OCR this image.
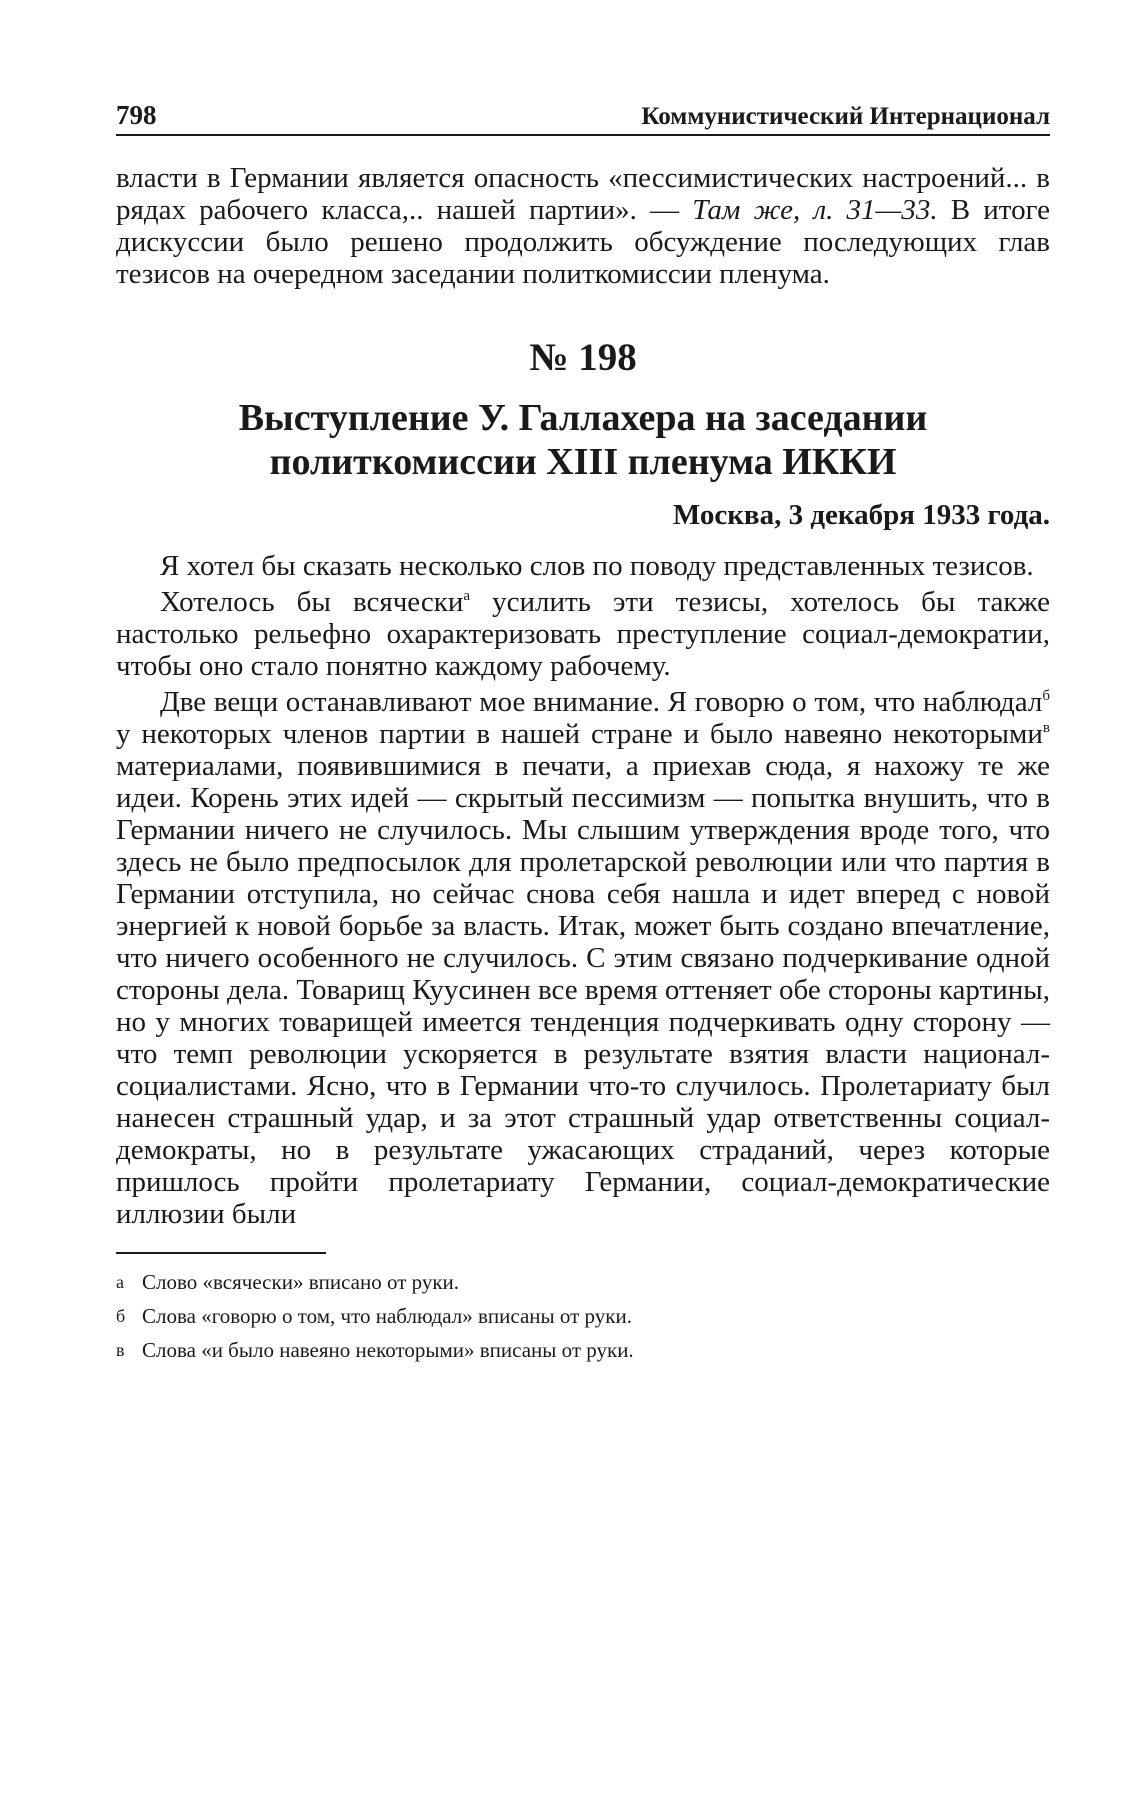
798	Коммунистический Интернационал

власти в Германии является опасность «пессимистических настроений... в рядах рабочего класса,.. нашей партии». — Там же, л. 31—33. В итоге дискуссии было решено продолжить обсуждение последующих глав тезисов на очередном заседании политкомиссии пленума.

№ 198
Выступление У. Галлахера на заседании
политкомиссии XIII пленума ИККИ
Москва, 3 декабря 1933 года.

Я хотел бы сказать несколько слов по поводу представленных тезисов.

Хотелось бы всячески$^а$ усилить эти тезисы, хотелось бы также настолько рельефно охарактеризовать преступление социал-демократии, чтобы оно стало понятно каждому рабочему.

Две вещи останавливают мое внимание. Я говорю о том, что наблюдал$^б$ у некоторых членов партии в нашей стране и было навеяно некоторыми$^в$ материалами, появившимися в печати, а приехав сюда, я нахожу те же идеи. Корень этих идей — скрытый пессимизм — попытка внушить, что в Германии ничего не случилось. Мы слышим утверждения вроде того, что здесь не было предпосылок для пролетарской революции или что партия в Германии отступила, но сейчас снова себя нашла и идет вперед с новой энергией к новой борьбе за власть. Итак, может быть создано впечатление, что ничего особенного не случилось. С этим связано подчеркивание одной стороны дела. Товарищ Куусинен все время оттеняет обе стороны картины, но у многих товарищей имеется тенденция подчеркивать одну сторону — что темп революции ускоряется в результате взятия власти национал-социалистами. Ясно, что в Германии что-то случилось. Пролетариату был нанесен страшный удар, и за этот страшный удар ответственны социал-демократы, но в результате ужасающих страданий, через которые пришлось пройти пролетариату Германии, социал-демократические иллюзии были

а Слово «всячески» вписано от руки.
б Слова «говорю о том, что наблюдал» вписаны от руки.
в Слова «и было навеяно некоторыми» вписаны от руки.
